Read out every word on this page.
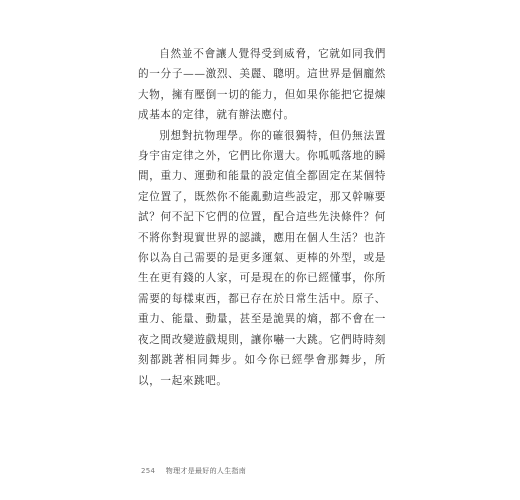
自然並不會讓人覺得受到威脅，它就如同我們的一分子——激烈、美麗、聰明。這世界是個龐然大物，擁有壓倒一切的能力，但如果你能把它提煉成基本的定律，就有辦法應付。

別想對抗物理學。你的確很獨特，但仍無法置身宇宙定律之外，它們比你還大。你呱呱落地的瞬間，重力、運動和能量的設定值全都固定在某個特定位置了，既然你不能亂動這些設定，那又幹嘛要試？何不記下它們的位置，配合這些先決條件？何不將你對現實世界的認識，應用在個人生活？也許你以為自己需要的是更多運氣、更棒的外型，或是生在更有錢的人家，可是現在的你已經懂事，你所需要的每樣東西，都已存在於日常生活中。原子、重力、能量、動量，甚至是詭異的熵，都不會在一夜之間改變遊戲規則，讓你嚇一大跳。它們時時刻刻都跳著相同舞步。如今你已經學會那舞步，所以，一起來跳吧。

254 物理才是最好的人生指南
